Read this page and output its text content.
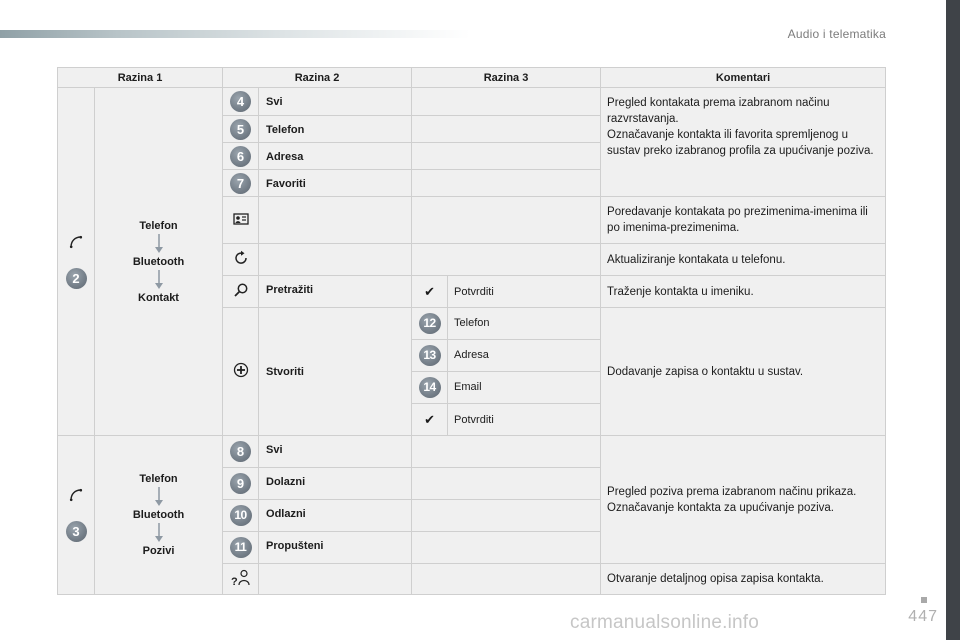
Audio i telematika
447
carmanualsonline.info
Razina 1		Razina 2		Razina 3		Komentari

2	Telefon
Bluetooth
Kontakt	4	Svi			Pregled kontakata prema izabranom načinu razvrstavanja.
Označavanje kontakta ili favorita spremljenog u sustav preko izabranog profila za upućivanje poziva.
		5	Telefon			
		6	Adresa			
		7	Favoriti			
			Poredavanje kontakata po prezimenima-imenima ili po imenima-prezimenima.
			Aktualiziranje kontakata u telefonu.
	Pretražiti	✔	Potvrditi	Traženje kontakta u imeniku.
	Stvoriti	12	Telefon	Dodavanje zapisa o kontaktu u sustav.
				13	Adresa	
				14	Email	
				✔	Potvrditi	

3	Telefon
Bluetooth
Pozivi	8	Svi			Pregled poziva prema izabranom načinu prikaza.
Označavanje kontakta za upućivanje poziva.
		9	Dolazni			
		10	Odlazni			
		11	Propušteni			

?				Otvaranje detaljnog opisa zapisa kontakta.
